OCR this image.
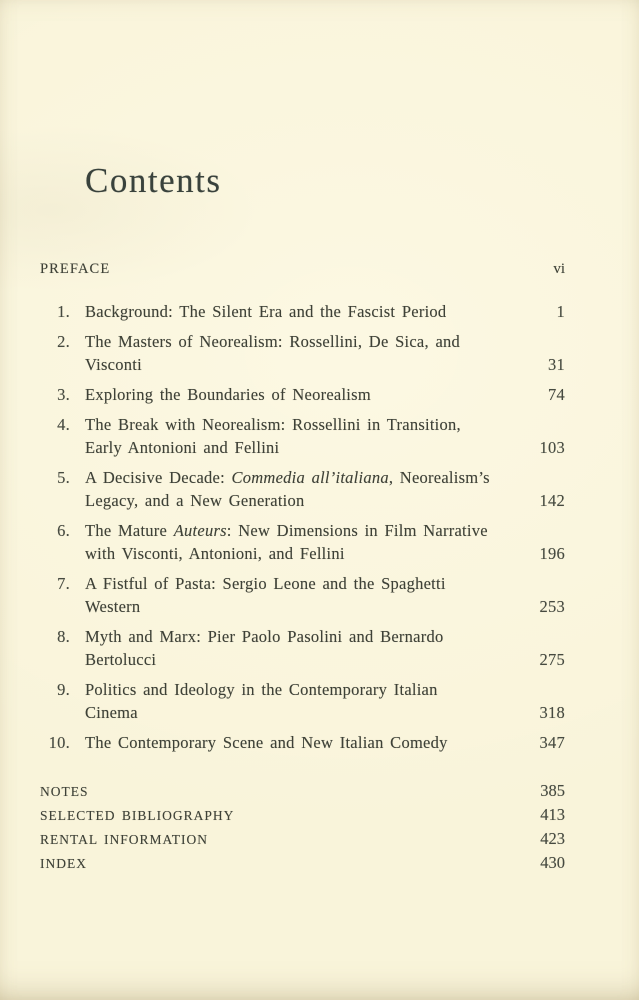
Contents
PREFACE	vi
1. Background: The Silent Era and the Fascist Period	1
2. The Masters of Neorealism: Rossellini, De Sica, and
Visconti	31
3. Exploring the Boundaries of Neorealism	74
4. The Break with Neorealism: Rossellini in Transition,
Early Antonioni and Fellini	103
5. A Decisive Decade: Commedia all’italiana, Neorealism’s
Legacy, and a New Generation	142
6. The Mature Auteurs: New Dimensions in Film Narrative
with Visconti, Antonioni, and Fellini	196
7. A Fistful of Pasta: Sergio Leone and the Spaghetti
Western	253
8. Myth and Marx: Pier Paolo Pasolini and Bernardo
Bertolucci	275
9. Politics and Ideology in the Contemporary Italian
Cinema	318
10. The Contemporary Scene and New Italian Comedy	347
NOTES	385
SELECTED BIBLIOGRAPHY	413
RENTAL INFORMATION	423
INDEX	430
